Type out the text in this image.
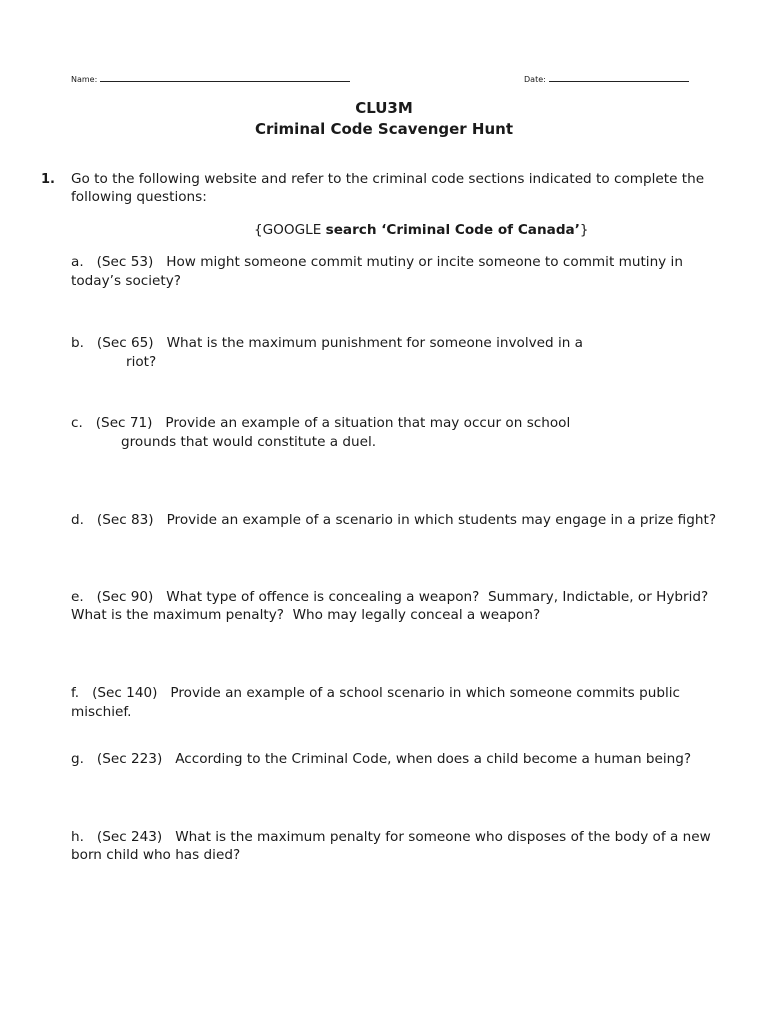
Name:	Date:
CLU3M
Criminal Code Scavenger Hunt
1. Go to the following website and refer to the criminal code sections indicated to complete the
following questions:
{GOOGLE search ‘Criminal Code of Canada’}
a.   (Sec 53)   How might someone commit mutiny or incite someone to commit mutiny in
today’s society?
b.   (Sec 65)   What is the maximum punishment for someone involved in a
riot?
c.   (Sec 71)   Provide an example of a situation that may occur on school
grounds that would constitute a duel.
d.   (Sec 83)   Provide an example of a scenario in which students may engage in a prize fight?
e.   (Sec 90)   What type of offence is concealing a weapon?  Summary, Indictable, or Hybrid?
What is the maximum penalty?  Who may legally conceal a weapon?
f.   (Sec 140)   Provide an example of a school scenario in which someone commits public
mischief.
g.   (Sec 223)   According to the Criminal Code, when does a child become a human being?
h.   (Sec 243)   What is the maximum penalty for someone who disposes of the body of a new
born child who has died?
